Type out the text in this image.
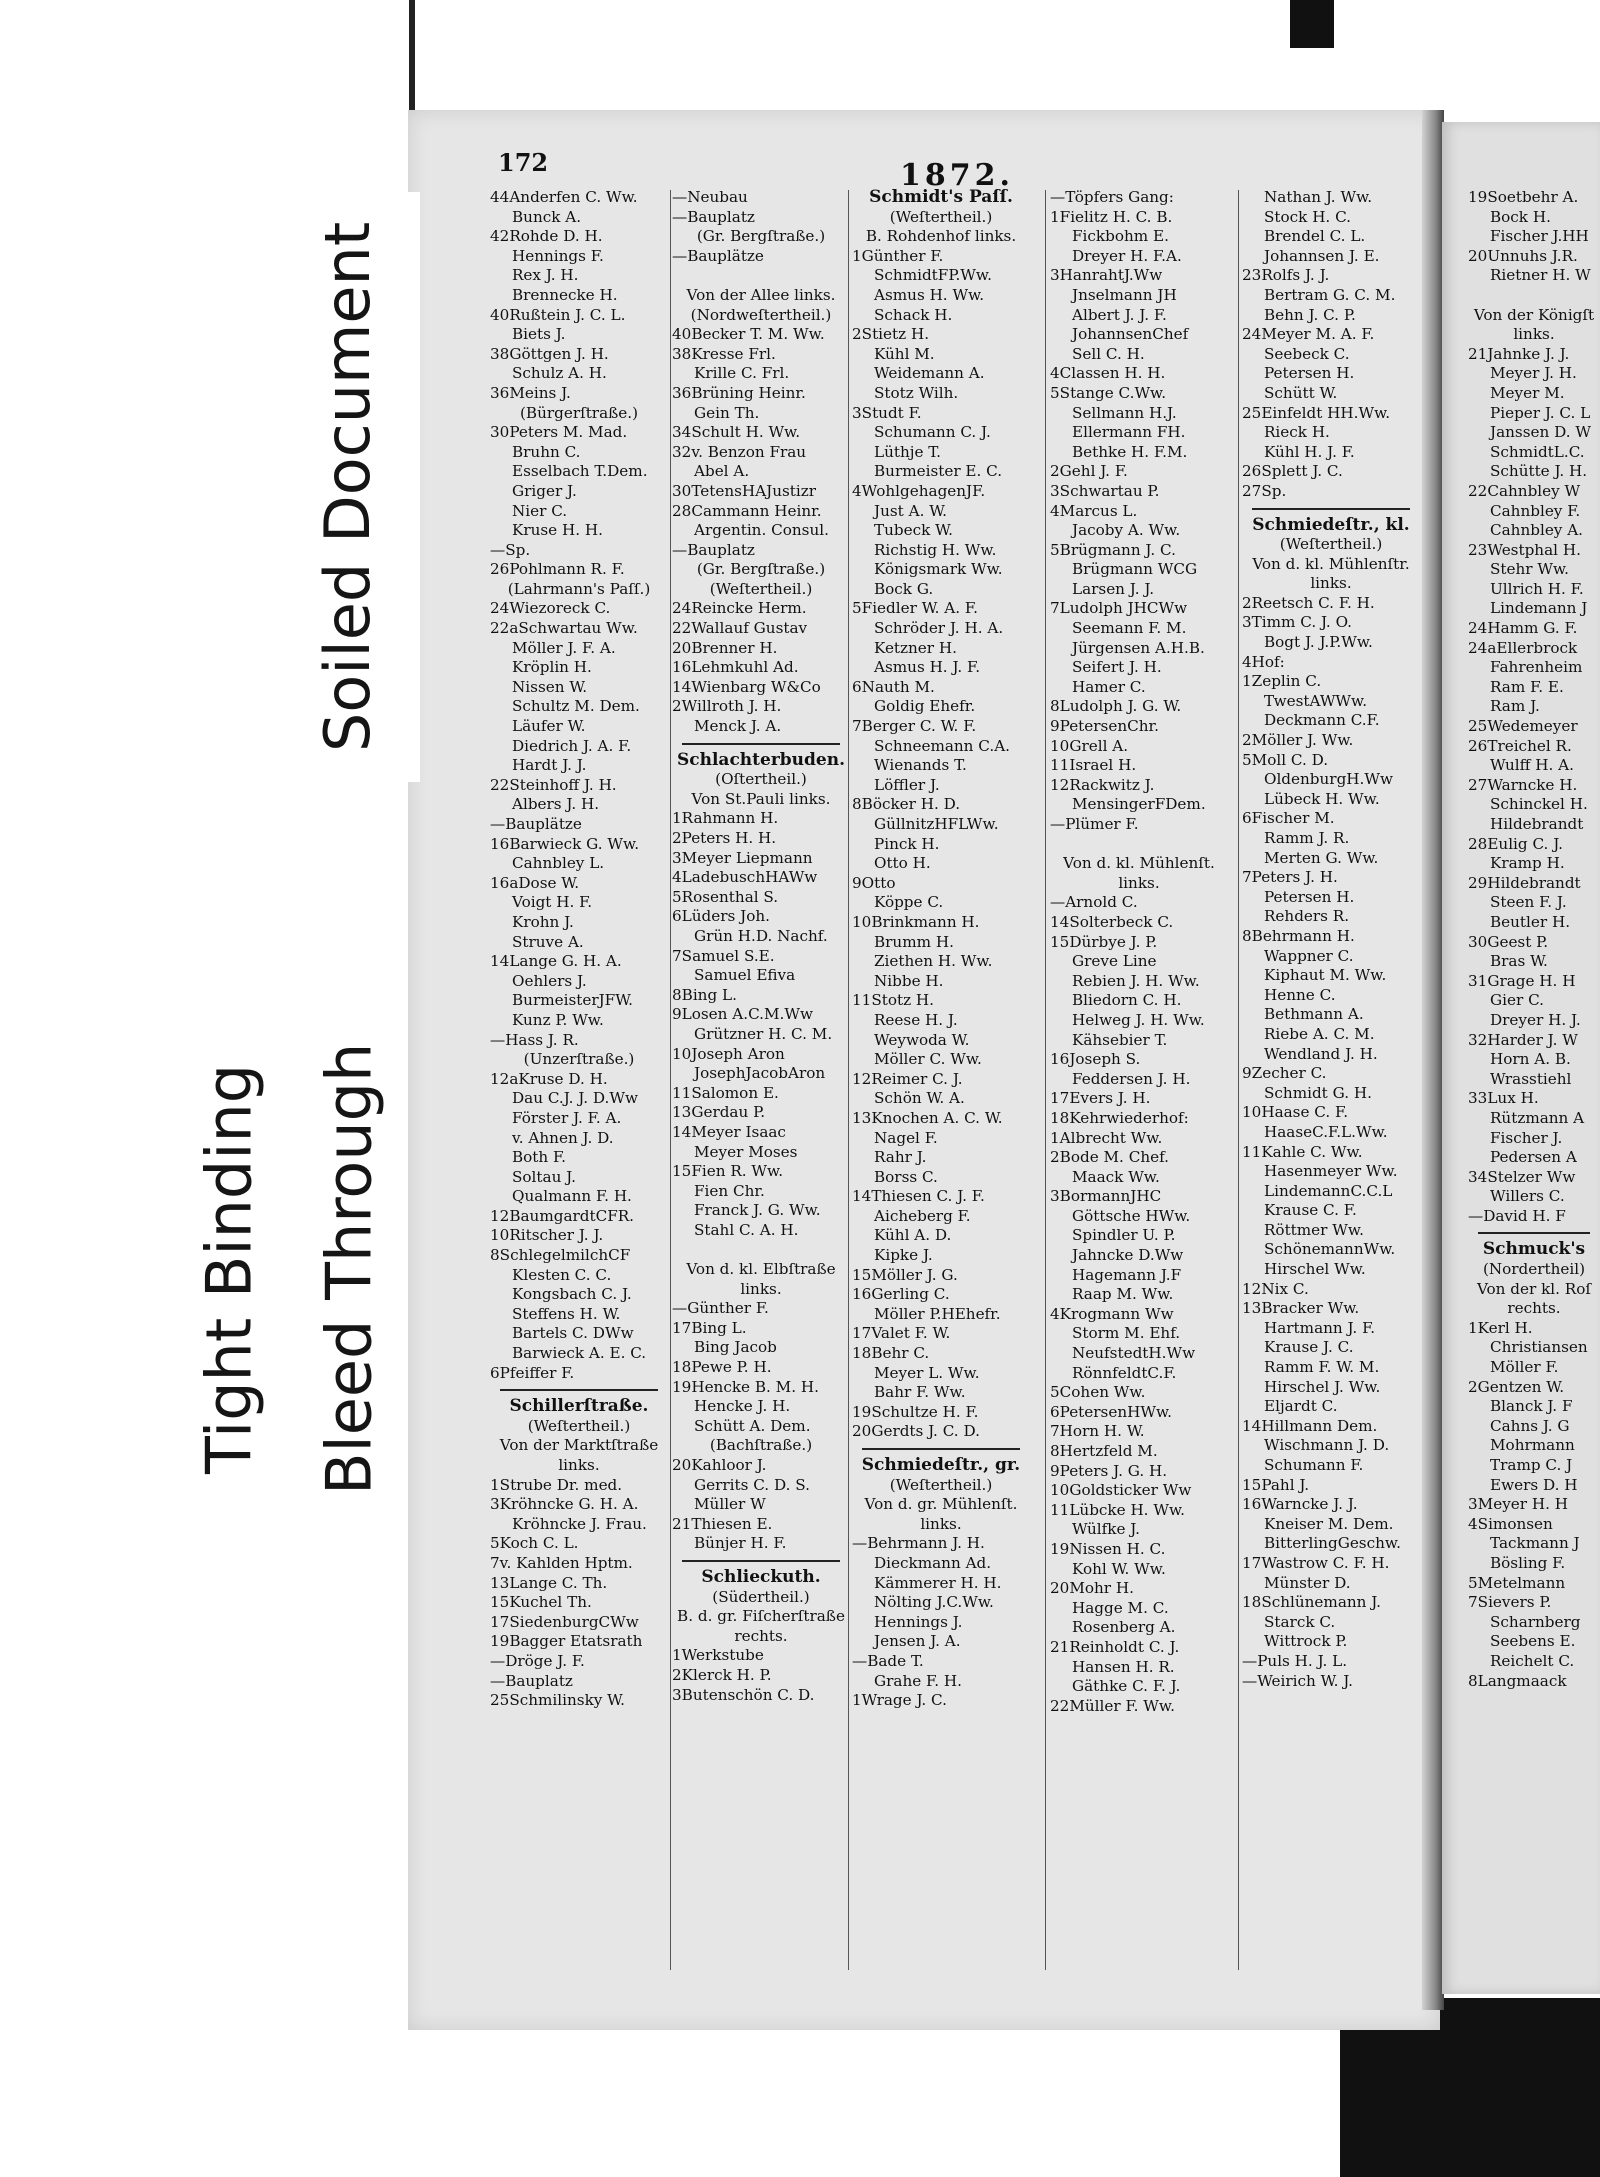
172	1872.
44Anderfen C. Ww.
Bunck A.
42Rohde D. H.
Hennings F.
Rex J. H.
Brennecke H.
40Rußtein J. C. L.
Biets J.
38Göttgen J. H.
Schulz A. H.
36Meins J.
(Bürgerſtraße.)
30Peters M. Mad.
Bruhn C.
Esselbach T.Dem.
Griger J.
Nier C.
Kruse H. H.
—Sp.
26Pohlmann R. F.
(Lahrmann's Paſſ.)
24Wiezoreck C.
22aSchwartau Ww.
Möller J. F. A.
Kröplin H.
Nissen W.
Schultz M. Dem.
Läufer W.
Diedrich J. A. F.
Hardt J. J.
22Steinhoff J. H.
Albers J. H.
—Bauplätze
16Barwieck G. Ww.
Cahnbley L.
16aDose W.
Voigt H. F.
Krohn J.
Struve A.
14Lange G. H. A.
Oehlers J.
BurmeisterJFW.
Kunz P. Ww.
—Hass J. R.
(Unzerſtraße.)
12aKruse D. H.
Dau C.J. J. D.Ww
Förster J. F. A.
v. Ahnen J. D.
Both F.
Soltau J.
Qualmann F. H.
12BaumgardtCFR.
10Ritscher J. J.
8SchlegelmilchCF
Klesten C. C.
Kongsbach C. J.
Steffens H. W.
Bartels C. DWw
Barwieck A. E. C.
6Pfeiffer F.
Schillerſtraße.
(Weſtertheil.)
Von der Marktſtraße
links.
1Strube Dr. med.
3Kröhncke G. H. A.
Kröhncke J. Frau.
5Koch C. L.
7v. Kahlden Hptm.
13Lange C. Th.
15Kuchel Th.
17SiedenburgCWw
19Bagger Etatsrath
—Dröge J. F.
—Bauplatz
25Schmilinsky W.
—Neubau
—Bauplatz
(Gr. Bergſtraße.)
—Bauplätze
Von der Allee links.
(Nordweſtertheil.)
40Becker T. M. Ww.
38Kresse Frl.
Krille C. Frl.
36Brüning Heinr.
Gein Th.
34Schult H. Ww.
32v. Benzon Frau
Abel A.
30TetensHAJustizr
28Cammann Heinr.
Argentin. Consul.
—Bauplatz
(Gr. Bergſtraße.)
(Weſtertheil.)
24Reincke Herm.
22Wallauf Gustav
20Brenner H.
16Lehmkuhl Ad.
14Wienbarg W&Co
2Willroth J. H.
Menck J. A.
Schlachterbuden.
(Oſtertheil.)
Von St.Pauli links.
1Rahmann H.
2Peters H. H.
3Meyer Liepmann
4LadebuschHAWw
5Rosenthal S.
6Lüders Joh.
Grün H.D. Nachf.
7Samuel S.E.
Samuel Efiva
8Bing L.
9Losen A.C.M.Ww
Grützner H. C. M.
10Joseph Aron
JosephJacobAron
11Salomon E.
13Gerdau P.
14Meyer Isaac
Meyer Moses
15Fien R. Ww.
Fien Chr.
Franck J. G. Ww.
Stahl C. A. H.
Von d. kl. Elbſtraße
links.
—Günther F.
17Bing L.
Bing Jacob
18Pewe P. H.
19Hencke B. M. H.
Hencke J. H.
Schütt A. Dem.
(Bachſtraße.)
20Kahloor J.
Gerrits C. D. S.
Müller W
21Thiesen E.
Bünjer H. F.
Schlieckuth.
(Südertheil.)
B. d. gr. Fiſcherſtraße
rechts.
1Werkstube
2Klerck H. P.
3Butenschön C. D.
Schmidt's Paſſ.
(Weſtertheil.)
B. Rohdenhof links.
1Günther F.
SchmidtFP.Ww.
Asmus H. Ww.
Schack H.
2Stietz H.
Kühl M.
Weidemann A.
Stotz Wilh.
3Studt F.
Schumann C. J.
Lüthje T.
Burmeister E. C.
4WohlgehagenJF.
Just A. W.
Tubeck W.
Richstig H. Ww.
Königsmark Ww.
Bock G.
5Fiedler W. A. F.
Schröder J. H. A.
Ketzner H.
Asmus H. J. F.
6Nauth M.
Goldig Ehefr.
7Berger C. W. F.
Schneemann C.A.
Wienands T.
Löffler J.
8Böcker H. D.
GüllnitzHFLWw.
Pinck H.
Otto H.
9Otto
Köppe C.
10Brinkmann H.
Brumm H.
Ziethen H. Ww.
Nibbe H.
11Stotz H.
Reese H. J.
Weywoda W.
Möller C. Ww.
12Reimer C. J.
Schön W. A.
13Knochen A. C. W.
Nagel F.
Rahr J.
Borss C.
14Thiesen C. J. F.
Aicheberg F.
Kühl A. D.
Kipke J.
15Möller J. G.
16Gerling C.
Möller P.HEhefr.
17Valet F. W.
18Behr C.
Meyer L. Ww.
Bahr F. Ww.
19Schultze H. F.
20Gerdts J. C. D.
Schmiedeſtr., gr.
(Weſtertheil.)
Von d. gr. Mühlenſt.
links.
—Behrmann J. H.
Dieckmann Ad.
Kämmerer H. H.
Nölting J.C.Ww.
Hennings J.
Jensen J. A.
—Bade T.
Grahe F. H.
1Wrage J. C.
—Töpfers Gang:
1Fielitz H. C. B.
Fickbohm E.
Dreyer H. F.A.
3HanrahtJ.Ww
Jnselmann JH
Albert J. J. F.
JohannsenChef
Sell C. H.
4Classen H. H.
5Stange C.Ww.
Sellmann H.J.
Ellermann FH.
Bethke H. F.M.
2Gehl J. F.
3Schwartau P.
4Marcus L.
Jacoby A. Ww.
5Brügmann J. C.
Brügmann WCG
Larsen J. J.
7Ludolph JHCWw
Seemann F. M.
Jürgensen A.H.B.
Seifert J. H.
Hamer C.
8Ludolph J. G. W.
9PetersenChr.
10Grell A.
11Israel H.
12Rackwitz J.
MensingerFDem.
—Plümer F.
Von d. kl. Mühlenſt.
links.
—Arnold C.
14Solterbeck C.
15Dürbye J. P.
Greve Line
Rebien J. H. Ww.
Bliedorn C. H.
Helweg J. H. Ww.
Kähsebier T.
16Joseph S.
Feddersen J. H.
17Evers J. H.
18Kehrwiederhof:
1Albrecht Ww.
2Bode M. Chef.
Maack Ww.
3BormannJHC
Göttsche HWw.
Spindler U. P.
Jahncke D.Ww
Hagemann J.F
Raap M. Ww.
4Krogmann Ww
Storm M. Ehf.
NeufstedtH.Ww
RönnfeldtC.F.
5Cohen Ww.
6PetersenHWw.
7Horn H. W.
8Hertzfeld M.
9Peters J. G. H.
10Goldsticker Ww
11Lübcke H. Ww.
Wülfke J.
19Nissen H. C.
Kohl W. Ww.
20Mohr H.
Hagge M. C.
Rosenberg A.
21Reinholdt C. J.
Hansen H. R.
Gäthke C. F. J.
22Müller F. Ww.
Nathan J. Ww.
Stock H. C.
Brendel C. L.
Johannsen J. E.
23Rolfs J. J.
Bertram G. C. M.
Behn J. C. P.
24Meyer M. A. F.
Seebeck C.
Petersen H.
Schütt W.
25Einfeldt HH.Ww.
Rieck H.
Kühl H. J. F.
26Splett J. C.
27Sp.
Schmiedeſtr., kl.
(Weſtertheil.)
Von d. kl. Mühlenſtr.
links.
2Reetsch C. F. H.
3Timm C. J. O.
Bogt J. J.P.Ww.
4Hof:
1Zeplin C.
TwestAWWw.
Deckmann C.F.
2Möller J. Ww.
5Moll C. D.
OldenburgH.Ww
Lübeck H. Ww.
6Fischer M.
Ramm J. R.
Merten G. Ww.
7Peters J. H.
Petersen H.
Rehders R.
8Behrmann H.
Wappner C.
Kiphaut M. Ww.
Henne C.
Bethmann A.
Riebe A. C. M.
Wendland J. H.
9Zecher C.
Schmidt G. H.
10Haase C. F.
HaaseC.F.L.Ww.
11Kahle C. Ww.
Hasenmeyer Ww.
LindemannC.C.L
Krause C. F.
Röttmer Ww.
SchönemannWw.
Hirschel Ww.
12Nix C.
13Bracker Ww.
Hartmann J. F.
Krause J. C.
Ramm F. W. M.
Hirschel J. Ww.
Eljardt C.
14Hillmann Dem.
Wischmann J. D.
Schumann F.
15Pahl J.
16Warncke J. J.
Kneiser M. Dem.
BitterlingGeschw.
17Wastrow C. F. H.
Münster D.
18Schlünemann J.
Starck C.
Wittrock P.
—Puls H. J. L.
—Weirich W. J.
19Soetbehr A.
Bock H.
Fischer J.HH
20Unnuhs J.R.
Rietner H. W
Von der Königſt
links.
21Jahnke J. J.
Meyer J. H.
Meyer M.
Pieper J. C. L
Janssen D. W
SchmidtL.C.
Schütte J. H.
22Cahnbley W
Cahnbley F.
Cahnbley A.
23Westphal H.
Stehr Ww.
Ullrich H. F.
Lindemann J
24Hamm G. F.
24aEllerbrock
Fahrenheim
Ram F. E.
Ram J.
25Wedemeyer
26Treichel R.
Wulff H. A.
27Warncke H.
Schinckel H.
Hildebrandt
28Eulig C. J.
Kramp H.
29Hildebrandt
Steen F. J.
Beutler H.
30Geest P.
Bras W.
31Grage H. H
Gier C.
Dreyer H. J.
32Harder J. W
Horn A. B.
Wrasstiehl
33Lux H.
Rützmann A
Fischer J.
Pedersen A
34Stelzer Ww
Willers C.
—David H. F
Schmuck's
(Nordertheil)
Von der kl. Roſ
rechts.
1Kerl H.
Christiansen
Möller F.
2Gentzen W.
Blanck J. F
Cahns J. G
Mohrmann
Tramp C. J
Ewers D. H
3Meyer H. H
4Simonsen
Tackmann J
Bösling F.
5Metelmann
7Sievers P.
Scharnberg
Seebens E.
Reichelt C.
8Langmaack
Soiled Document
Tight Binding Bleed Through
